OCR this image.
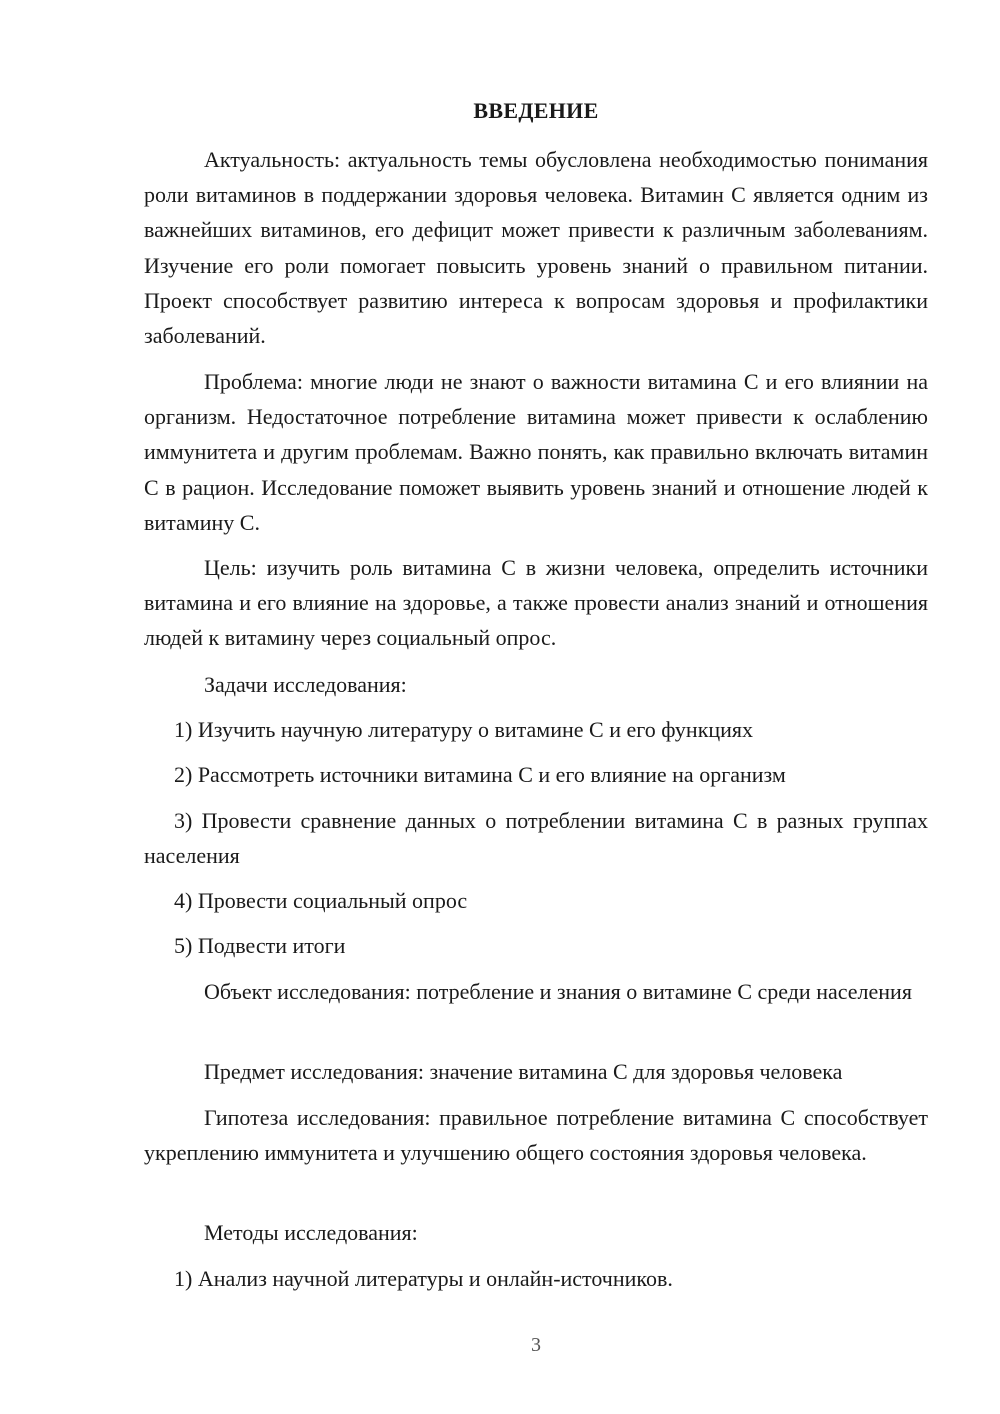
ВВЕДЕНИЕ

Актуальность: актуальность темы обусловлена необходимостью понимания роли витаминов в поддержании здоровья человека. Витамин С является одним из важнейших витаминов, его дефицит может привести к различным заболеваниям. Изучение его роли помогает повысить уровень знаний о правильном питании. Проект способствует развитию интереса к вопросам здоровья и профилактики заболеваний.

Проблема: многие люди не знают о важности витамина С и его влиянии на организм. Недостаточное потребление витамина может привести к ослаблению иммунитета и другим проблемам. Важно понять, как правильно включать витамин С в рацион. Исследование поможет выявить уровень знаний и отношение людей к витамину С.

Цель: изучить роль витамина С в жизни человека, определить источники витамина и его влияние на здоровье, а также провести анализ знаний и отношения людей к витамину через социальный опрос.

Задачи исследования:

1) Изучить научную литературу о витамине С и его функциях

2) Рассмотреть источники витамина С и его влияние на организм

3) Провести сравнение данных о потреблении витамина С в разных группах населения

4) Провести социальный опрос

5) Подвести итоги

Объект исследования: потребление и знания о витамине С среди населения

Предмет исследования: значение витамина С для здоровья человека

Гипотеза исследования: правильное потребление витамина С способствует укреплению иммунитета и улучшению общего состояния здоровья человека.

Методы исследования:

1) Анализ научной литературы и онлайн-источников.

3
